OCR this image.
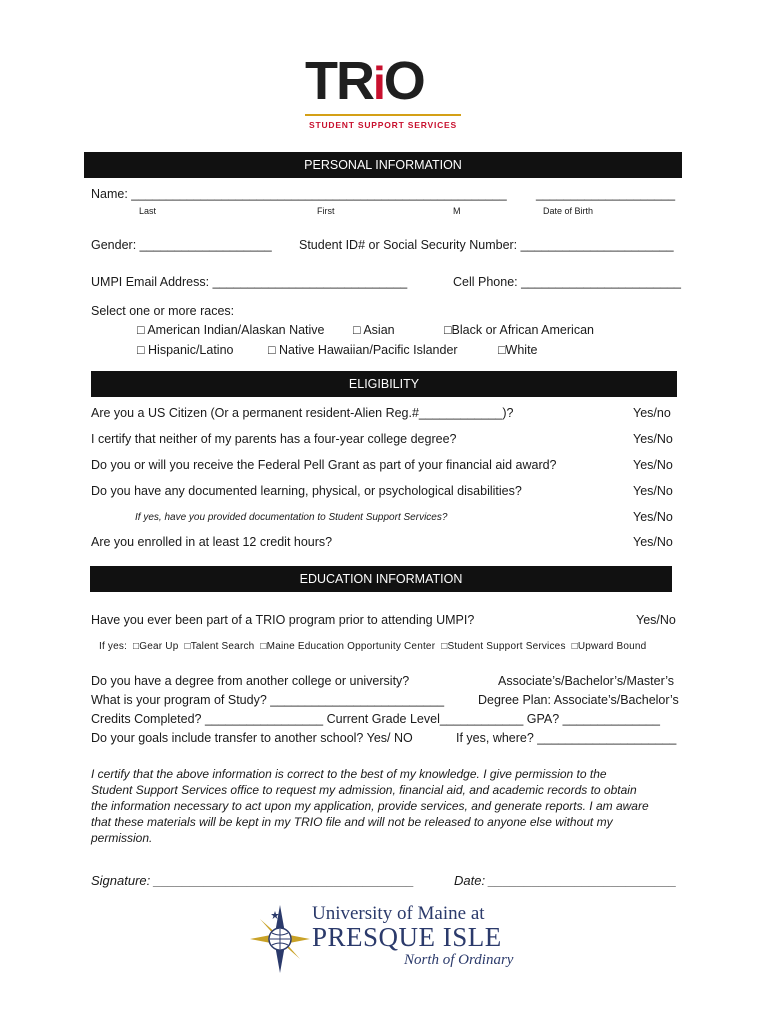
TRiO
STUDENT SUPPORT SERVICES
PERSONAL INFORMATION
Name: ______________________________________________________ ____________________
Last	First	M	Date of Birth
Gender: ___________________ Student ID# or Social Security Number: ______________________
UMPI Email Address: ____________________________	Cell Phone: _______________________
Select one or more races:
□ American Indian/Alaskan Native □ Asian	□Black or African American
□ Hispanic/Latino	□ Native Hawaiian/Pacific Islander	□White
ELIGIBILITY
Are you a US Citizen (Or a permanent resident-Alien Reg.#____________)?	Yes/no
I certify that neither of my parents has a four-year college degree?	Yes/No
Do you or will you receive the Federal Pell Grant as part of your financial aid award?	Yes/No
Do you have any documented learning, physical, or psychological disabilities?	Yes/No
If yes, have you provided documentation to Student Support Services?	Yes/No
Are you enrolled in at least 12 credit hours?	Yes/No
EDUCATION INFORMATION
Have you ever been part of a TRIO program prior to attending UMPI?	Yes/No
If yes: □Gear Up □Talent Search □Maine Education Opportunity Center □Student Support Services □Upward Bound
Do you have a degree from another college or university?	Associate’s/Bachelor’s/Master’s
What is your program of Study? _________________________	Degree Plan: Associate’s/Bachelor’s
Credits Completed? _________________ Current Grade Level____________ GPA? ______________
Do your goals include transfer to another school? Yes/ NO	If yes, where? ____________________
I certify that the above information is correct to the best of my knowledge. I give permission to the
Student Support Services office to request my admission, financial aid, and academic records to obtain
the information necessary to act upon my application, provide services, and generate reports. I am aware
that these materials will be kept in my TRIO file and will not be released to anyone else without my
permission.
Signature: ____________________________________	Date: __________________________
University of Maine at
PRESQUE ISLE
North of Ordinary
